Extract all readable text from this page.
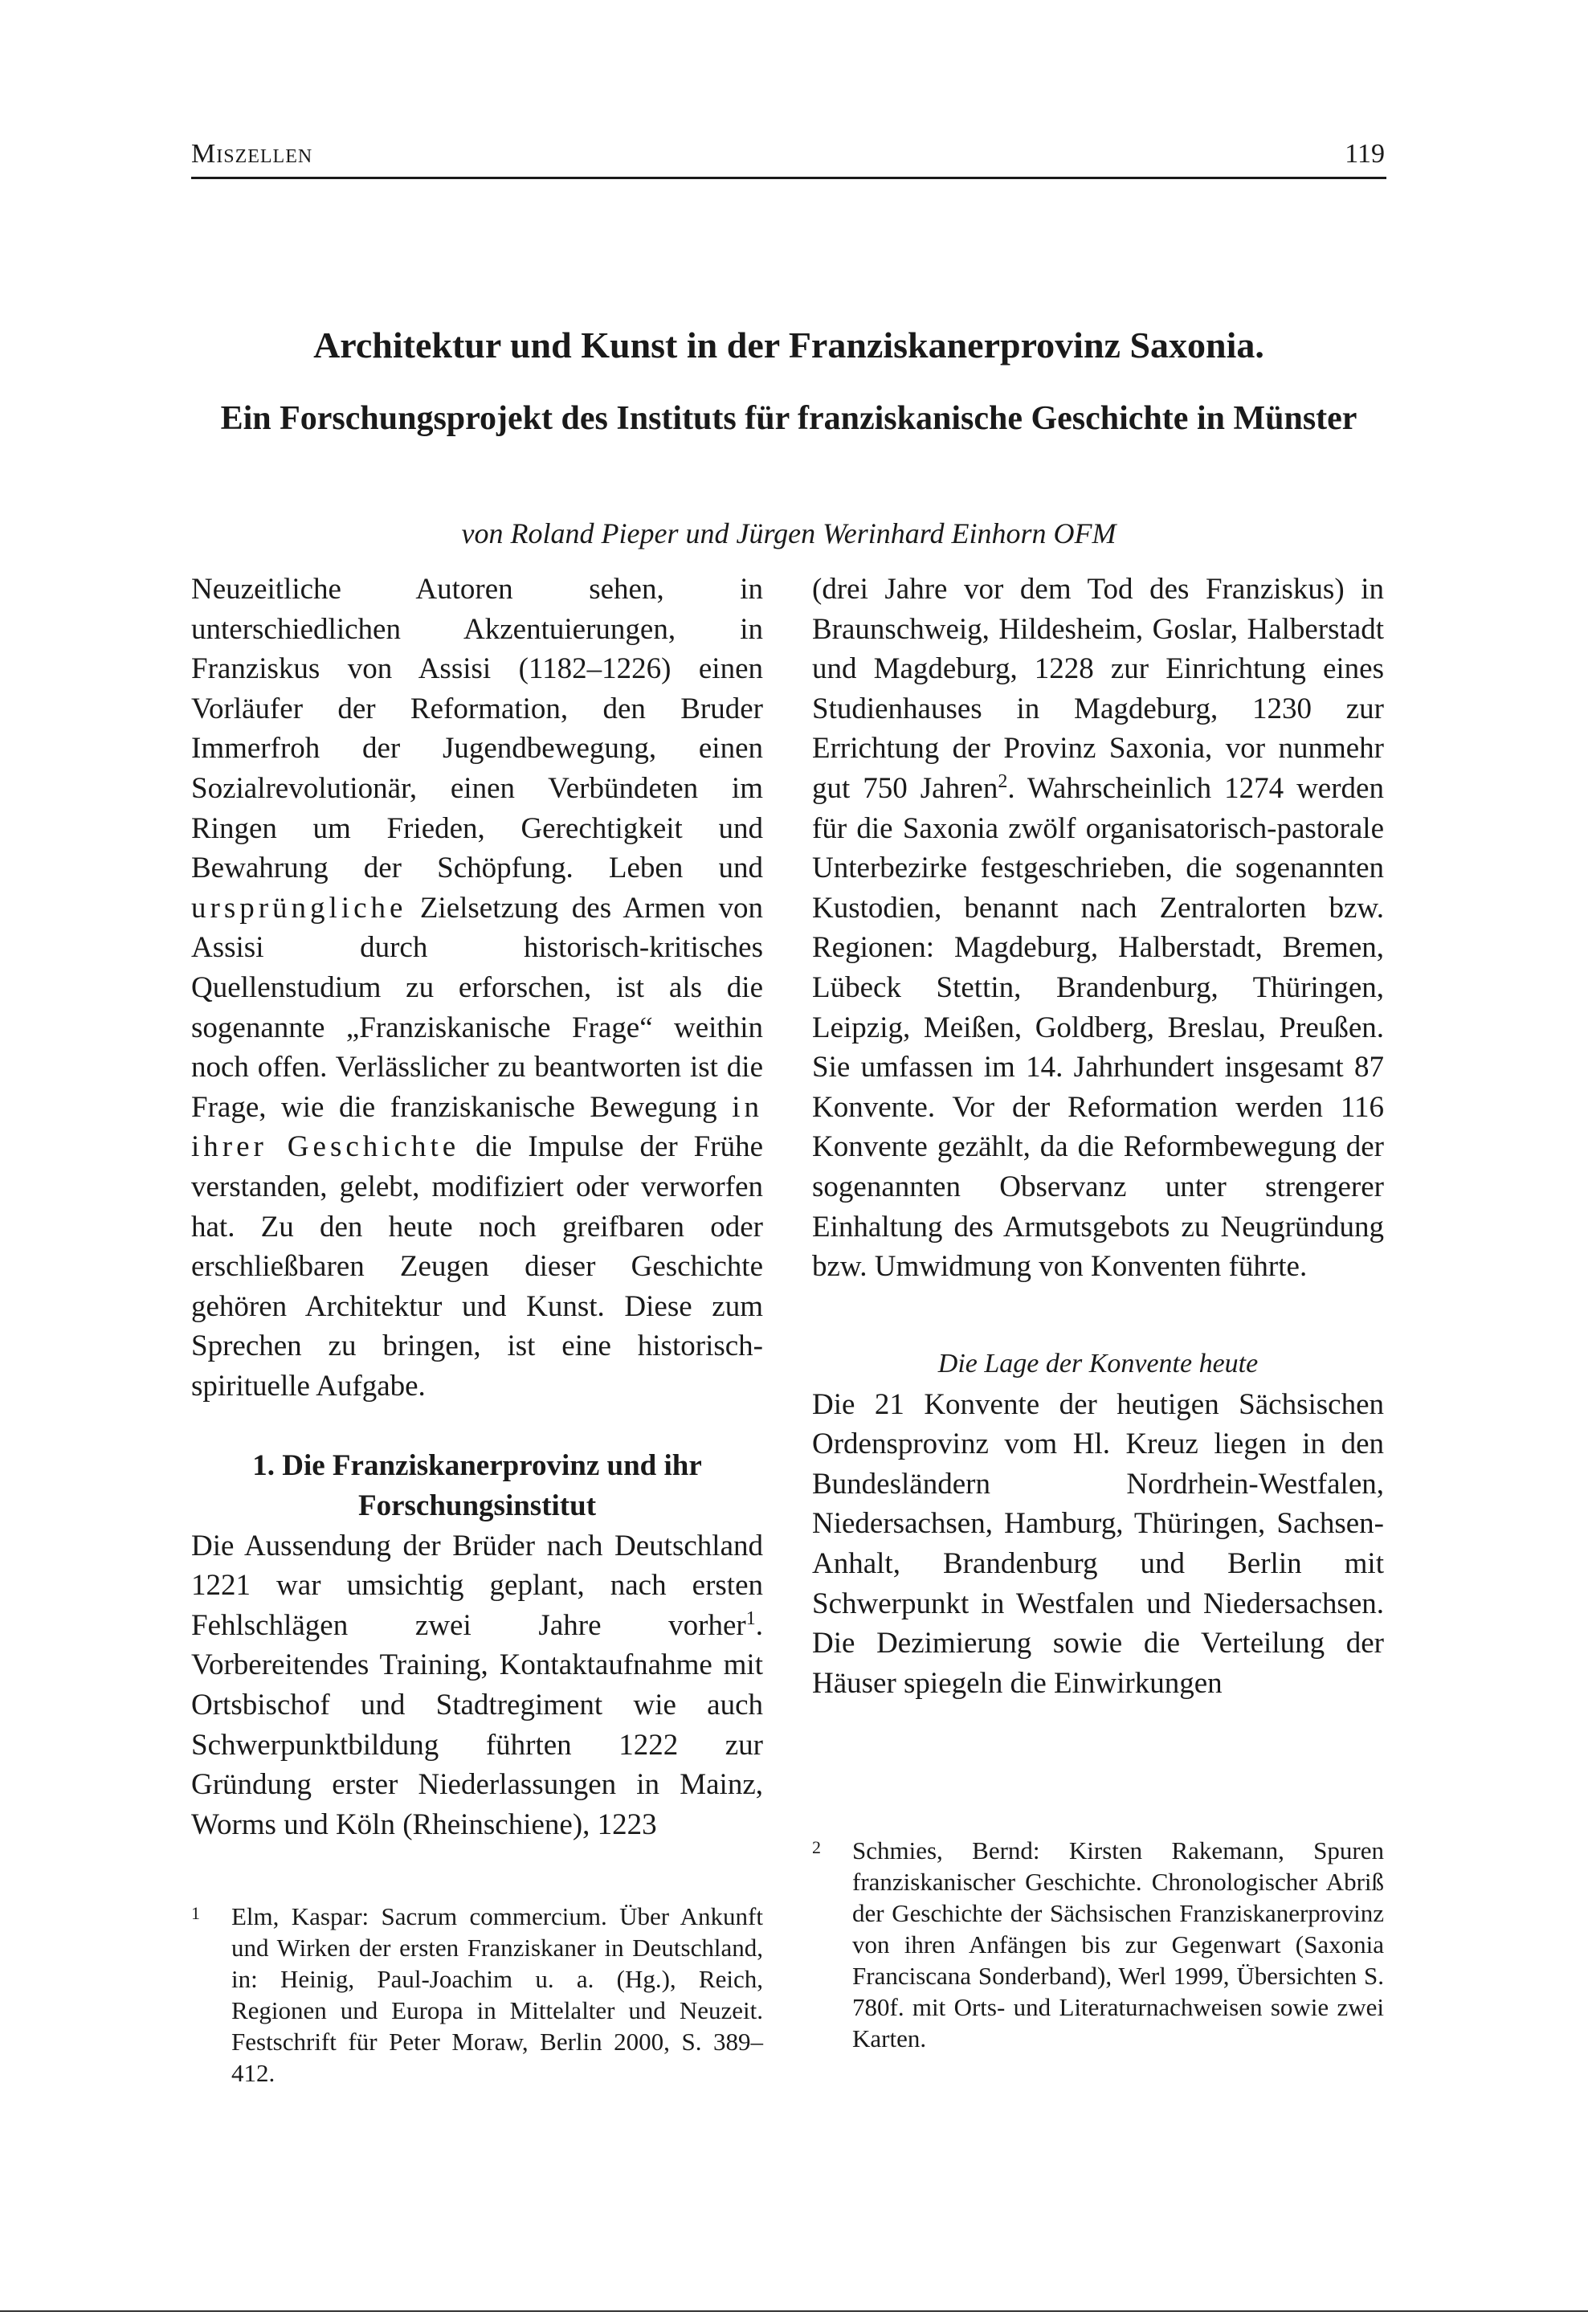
Miszellen	119
Architektur und Kunst in der Franziskanerprovinz Saxonia.
Ein Forschungsprojekt des Instituts für franziskanische Geschichte in Münster
von Roland Pieper und Jürgen Werinhard Einhorn OFM

Neuzeitliche Autoren sehen, in unterschiedlichen Akzentuierungen, in Franziskus von Assisi (1182–1226) einen Vorläufer der Reformation, den Bruder Immerfroh der Jugendbewegung, einen Sozialrevolutionär, einen Verbündeten im Ringen um Frieden, Gerechtigkeit und Bewahrung der Schöpfung. Leben und ursprüngliche Zielsetzung des Armen von Assisi durch historisch-kritisches Quellenstudium zu erforschen, ist als die sogenannte „Franziskanische Frage“ weithin noch offen. Verlässlicher zu beantworten ist die Frage, wie die franziskanische Bewegung in ihrer Geschichte die Impulse der Frühe verstanden, gelebt, modifiziert oder verworfen hat. Zu den heute noch greifbaren oder erschließbaren Zeugen dieser Geschichte gehören Architektur und Kunst. Diese zum Sprechen zu bringen, ist eine historisch-spirituelle Aufgabe.

1. Die Franziskanerprovinz und ihr Forschungsinstitut

Die Aussendung der Brüder nach Deutschland 1221 war umsichtig geplant, nach ersten Fehlschlägen zwei Jahre vorher$^1$. Vorbereitendes Training, Kontaktaufnahme mit Ortsbischof und Stadtregiment wie auch Schwerpunktbildung führten 1222 zur Gründung erster Niederlassungen in Mainz, Worms und Köln (Rheinschiene), 1223

(drei Jahre vor dem Tod des Franziskus) in Braunschweig, Hildesheim, Goslar, Halberstadt und Magdeburg, 1228 zur Einrichtung eines Studienhauses in Magdeburg, 1230 zur Errichtung der Provinz Saxonia, vor nunmehr gut 750 Jahren$^2$. Wahrscheinlich 1274 werden für die Saxonia zwölf organisatorisch-pastorale Unterbezirke festgeschrieben, die sogenannten Kustodien, benannt nach Zentralorten bzw. Regionen: Magdeburg, Halberstadt, Bremen, Lübeck Stettin, Brandenburg, Thüringen, Leipzig, Meißen, Goldberg, Breslau, Preußen. Sie umfassen im 14. Jahrhundert insgesamt 87 Konvente. Vor der Reformation werden 116 Konvente gezählt, da die Reformbewegung der sogenannten Observanz unter strengerer Einhaltung des Armutsgebots zu Neugründung bzw. Umwidmung von Konventen führte.

Die Lage der Konvente heute

Die 21 Konvente der heutigen Sächsischen Ordensprovinz vom Hl. Kreuz liegen in den Bundesländern Nordrhein-Westfalen, Niedersachsen, Hamburg, Thüringen, Sachsen-Anhalt, Brandenburg und Berlin mit Schwerpunkt in Westfalen und Niedersachsen. Die Dezimierung sowie die Verteilung der Häuser spiegeln die Einwirkungen

1	Elm, Kaspar: Sacrum commercium. Über Ankunft und Wirken der ersten Franziskaner in Deutschland, in: Heinig, Paul-Joachim u. a. (Hg.), Reich, Regionen und Europa in Mittelalter und Neuzeit. Festschrift für Peter Moraw, Berlin 2000, S. 389–412.
2	Schmies, Bernd: Kirsten Rakemann, Spuren franziskanischer Geschichte. Chronologischer Abriß der Geschichte der Sächsischen Franziskanerprovinz von ihren Anfängen bis zur Gegenwart (Saxonia Franciscana Sonderband), Werl 1999, Übersichten S. 780f. mit Orts- und Literaturnachweisen sowie zwei Karten.
